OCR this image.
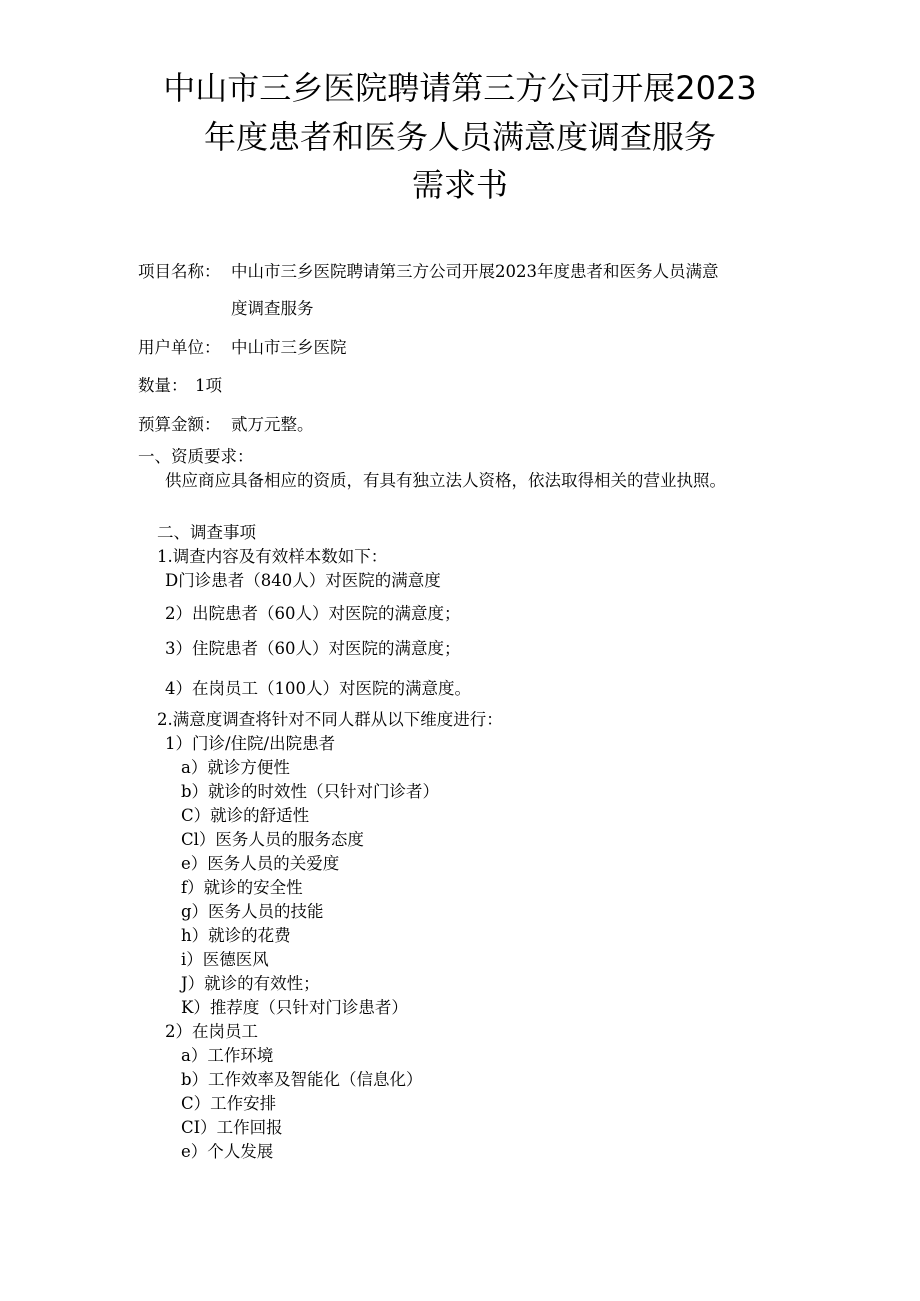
中山市三乡医院聘请第三方公司开展2023
年度患者和医务人员满意度调查服务
需求书
项目名称： 中山市三乡医院聘请第三方公司开展2023年度患者和医务人员满意
度调查服务
用户单位： 中山市三乡医院
数量： 1项
预算金额： 贰万元整。
一、资质要求：
供应商应具备相应的资质，有具有独立法人资格，依法取得相关的营业执照。
二、调查事项
1.调查内容及有效样本数如下：
D门诊患者（840人）对医院的满意度
2）出院患者（60人）对医院的满意度；
3）住院患者（60人）对医院的满意度；
4）在岗员工（100人）对医院的满意度。
2.满意度调查将针对不同人群从以下维度进行：
1）门诊/住院/出院患者
a）就诊方便性
b）就诊的时效性（只针对门诊者）
C）就诊的舒适性
Cl）医务人员的服务态度
e）医务人员的关爱度
f）就诊的安全性
g）医务人员的技能
h）就诊的花费
i）医德医风
J）就诊的有效性；
K）推荐度（只针对门诊患者）
2）在岗员工
a）工作环境
b）工作效率及智能化（信息化）
C）工作安排
CI）工作回报
e）个人发展
